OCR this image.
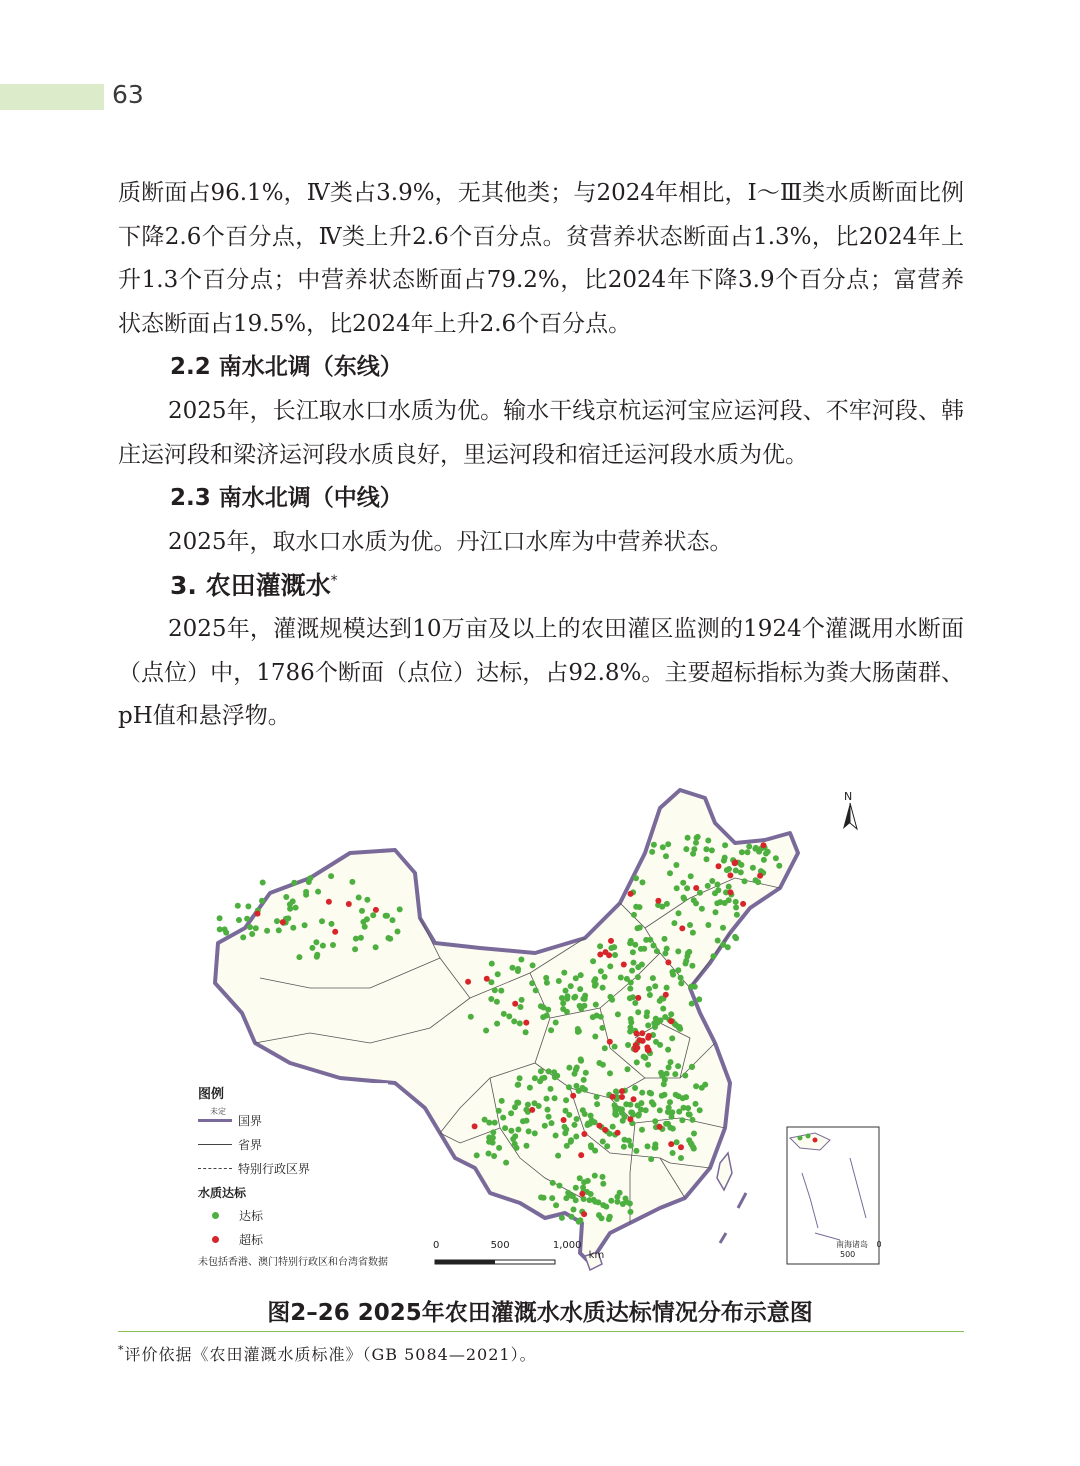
63

质断面占96.1%，Ⅳ类占3.9%，无其他类；与2024年相比，Ⅰ～Ⅲ类水质断面比例下降2.6个百分点，Ⅳ类上升2.6个百分点。贫营养状态断面占1.3%，比2024年上升1.3个百分点；中营养状态断面占79.2%，比2024年下降3.9个百分点；富营养状态断面占19.5%，比2024年上升2.6个百分点。

2.2 南水北调（东线）

2025年，长江取水口水质为优。输水干线京杭运河宝应运河段、不牢河段、韩庄运河段和梁济运河段水质良好，里运河段和宿迁运河段水质为优。

2.3 南水北调（中线）

2025年，取水口水质为优。丹江口水库为中营养状态。

3. 农田灌溉水*

2025年，灌溉规模达到10万亩及以上的农田灌区监测的1924个灌溉用水断面（点位）中，1786个断面（点位）达标，占92.8%。主要超标指标为粪大肠菌群、pH值和悬浮物。

N
图例
未定
国界
省界
特别行政区界
水质达标
达标
超标
未包括香港、澳门特别行政区和台湾省数据
0	500	1,000 km
南海诸岛 0 500
图2–26 2025年农田灌溉水水质达标情况分布示意图
*评价依据《农田灌溉水质标准》（GB 5084—2021）。
